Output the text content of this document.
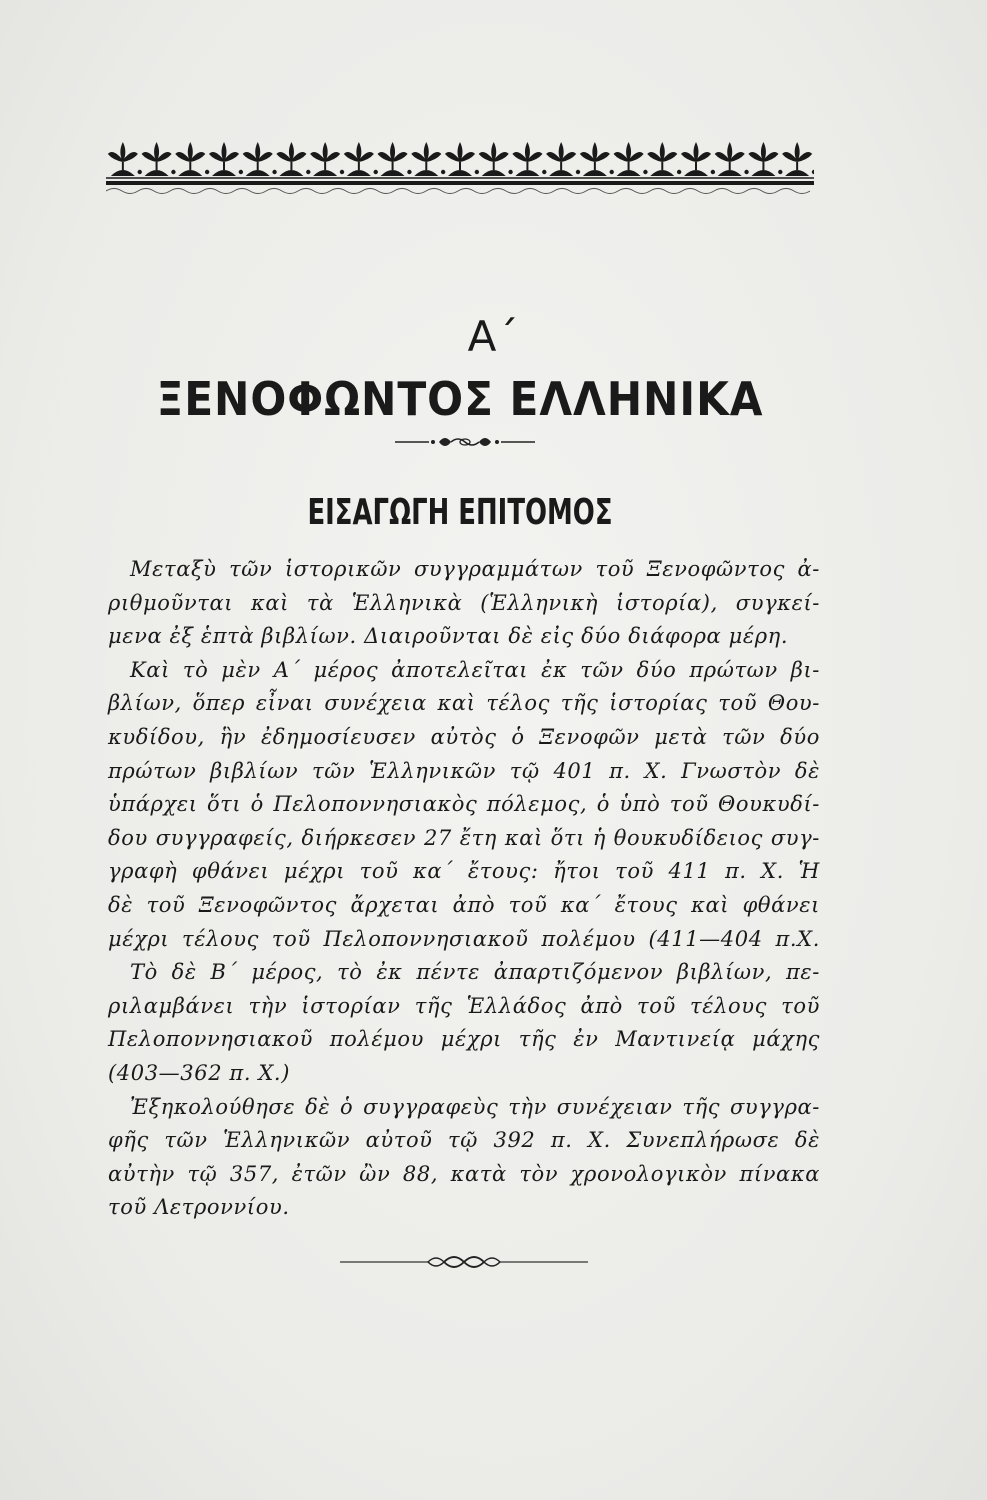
Α΄
ΞΕΝΟΦΩΝΤΟΣ ΕΛΛΗΝΙΚΑ
ΕΙΣΑΓΩΓΗ ΕΠΙΤΟΜΟΣ
Μεταξὺ τῶν ἱστορικῶν συγγραμμάτων τοῦ Ξενοφῶντος ἀ-
ριθμοῦνται καὶ τὰ Ἑλληνικὰ (Ἑλληνικὴ ἱστορία), συγκεί-
μενα ἐξ ἑπτὰ βιβλίων. Διαιροῦνται δὲ εἰς δύο διάφορα μέρη.
Καὶ τὸ μὲν Α΄ μέρος ἀποτελεῖται ἐκ τῶν δύο πρώτων βι-
βλίων, ὅπερ εἶναι συνέχεια καὶ τέλος τῆς ἱστορίας τοῦ Θου-
κυδίδου, ἣν ἐδημοσίευσεν αὐτὸς ὁ Ξενοφῶν μετὰ τῶν δύο
πρώτων βιβλίων τῶν Ἑλληνικῶν τῷ 401 π. Χ. Γνωστὸν δὲ
ὑπάρχει ὅτι ὁ Πελοποννησιακὸς πόλεμος, ὁ ὑπὸ τοῦ Θουκυδί-
δου συγγραφείς, διήρκεσεν 27 ἔτη καὶ ὅτι ἡ θουκυδίδειος συγ-
γραφὴ φθάνει μέχρι τοῦ κα΄ ἔτους: ἤτοι τοῦ 411 π. Χ. Ἡ
δὲ τοῦ Ξενοφῶντος ἄρχεται ἀπὸ τοῦ κα΄ ἔτους καὶ φθάνει
μέχρι τέλους τοῦ Πελοποννησιακοῦ πολέμου (411—404 π.Χ.
Τὸ δὲ Β΄ μέρος, τὸ ἐκ πέντε ἀπαρτιζόμενον βιβλίων, πε-
ριλαμβάνει τὴν ἱστορίαν τῆς Ἑλλάδος ἀπὸ τοῦ τέλους τοῦ
Πελοποννησιακοῦ πολέμου μέχρι τῆς ἐν Μαντινείᾳ μάχης
(403—362 π. Χ.)
Ἐξηκολούθησε δὲ ὁ συγγραφεὺς τὴν συνέχειαν τῆς συγγρα-
φῆς τῶν Ἑλληνικῶν αὐτοῦ τῷ 392 π. Χ. Συνεπλήρωσε δὲ
αὐτὴν τῷ 357, ἐτῶν ὢν 88, κατὰ τὸν χρονολογικὸν πίνακα
τοῦ Λετροννίου.
